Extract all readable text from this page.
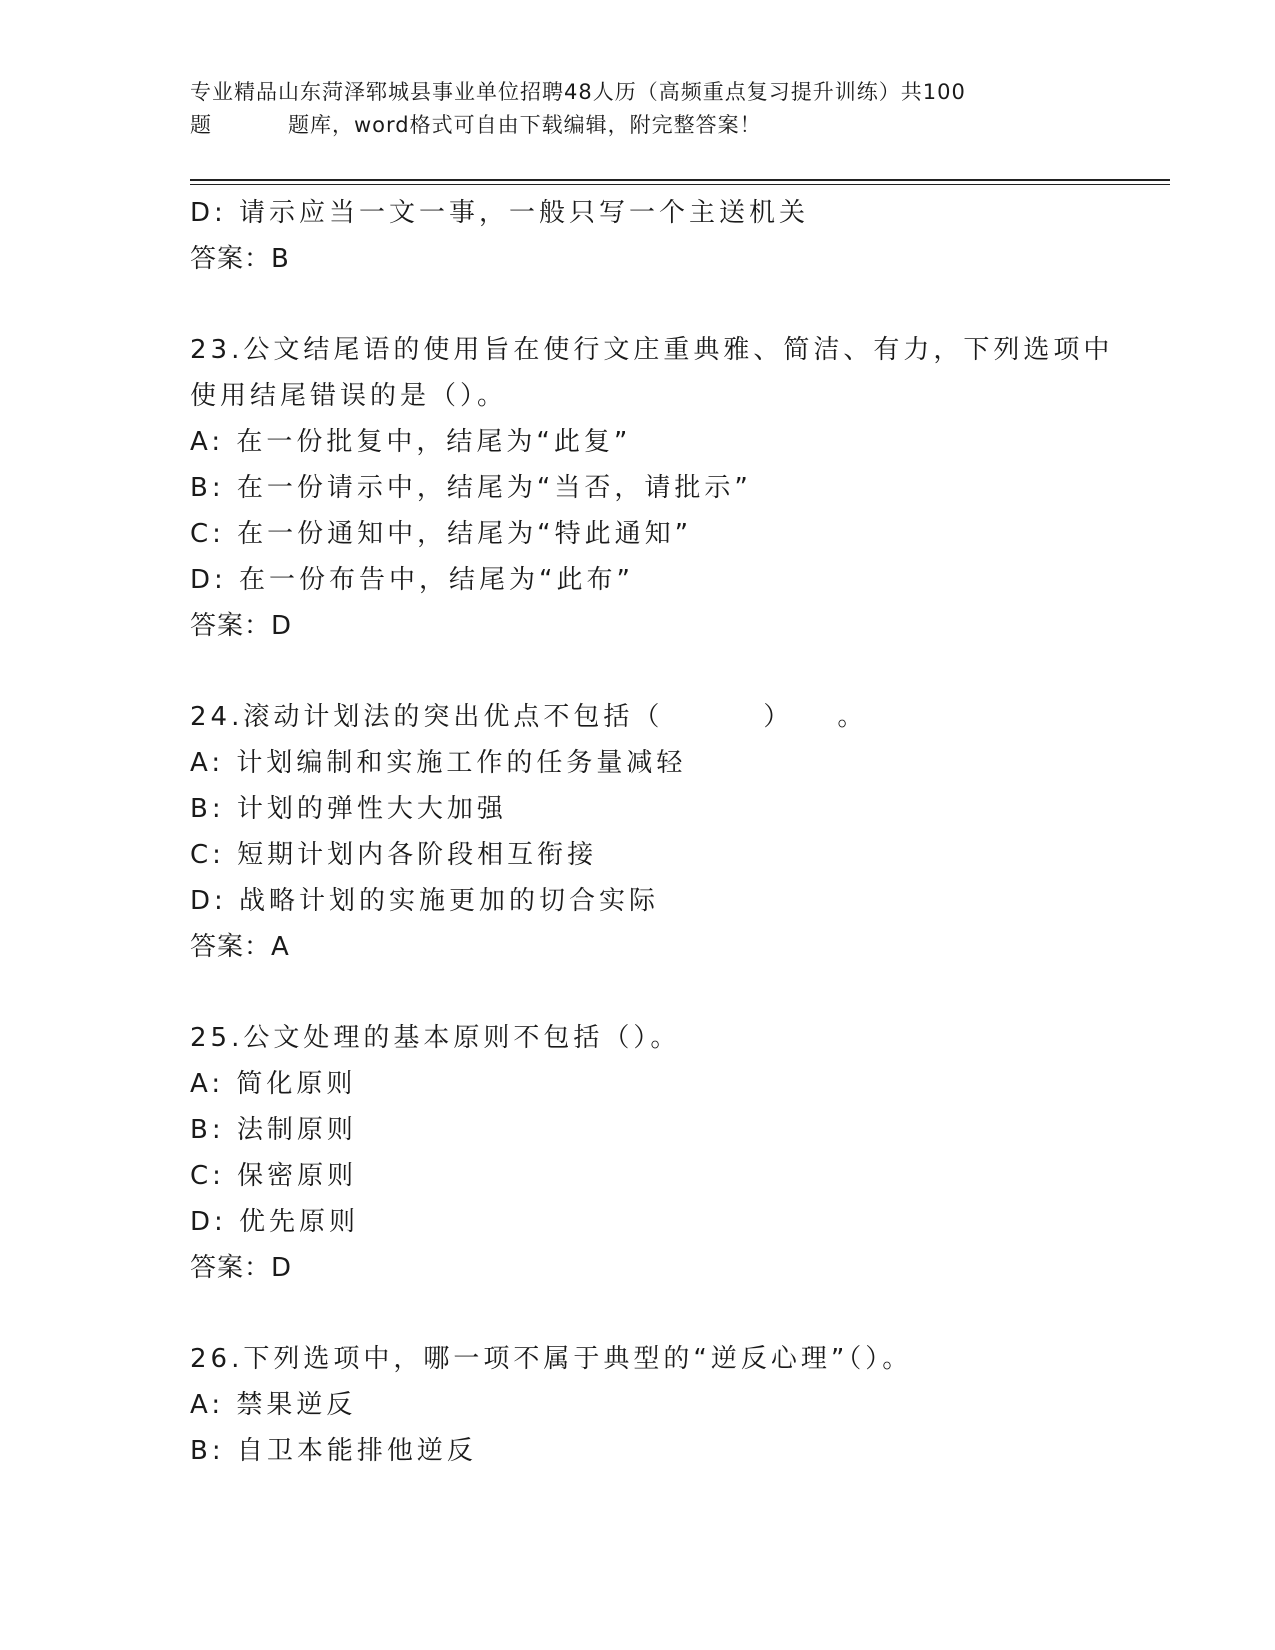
专业精品山东菏泽郓城县事业单位招聘48人历（高频重点复习提升训练）共100
题	题库，word格式可自由下载编辑，附完整答案！
D: 请示应当一文一事，一般只写一个主送机关
答案：B
23.公文结尾语的使用旨在使行文庄重典雅、简洁、有力，下列选项中
使用结尾错误的是（）。
A: 在一份批复中，结尾为“此复”
B: 在一份请示中，结尾为“当否，请批示”
C: 在一份通知中，结尾为“特此通知”
D: 在一份布告中，结尾为“此布”
答案：D
24.滚动计划法的突出优点不包括（	） 。
A: 计划编制和实施工作的任务量减轻
B: 计划的弹性大大加强
C: 短期计划内各阶段相互衔接
D: 战略计划的实施更加的切合实际
答案：A
25.公文处理的基本原则不包括（）。
A: 简化原则
B: 法制原则
C: 保密原则
D: 优先原则
答案：D
26.下列选项中，哪一项不属于典型的“逆反心理”（）。
A: 禁果逆反
B: 自卫本能排他逆反
